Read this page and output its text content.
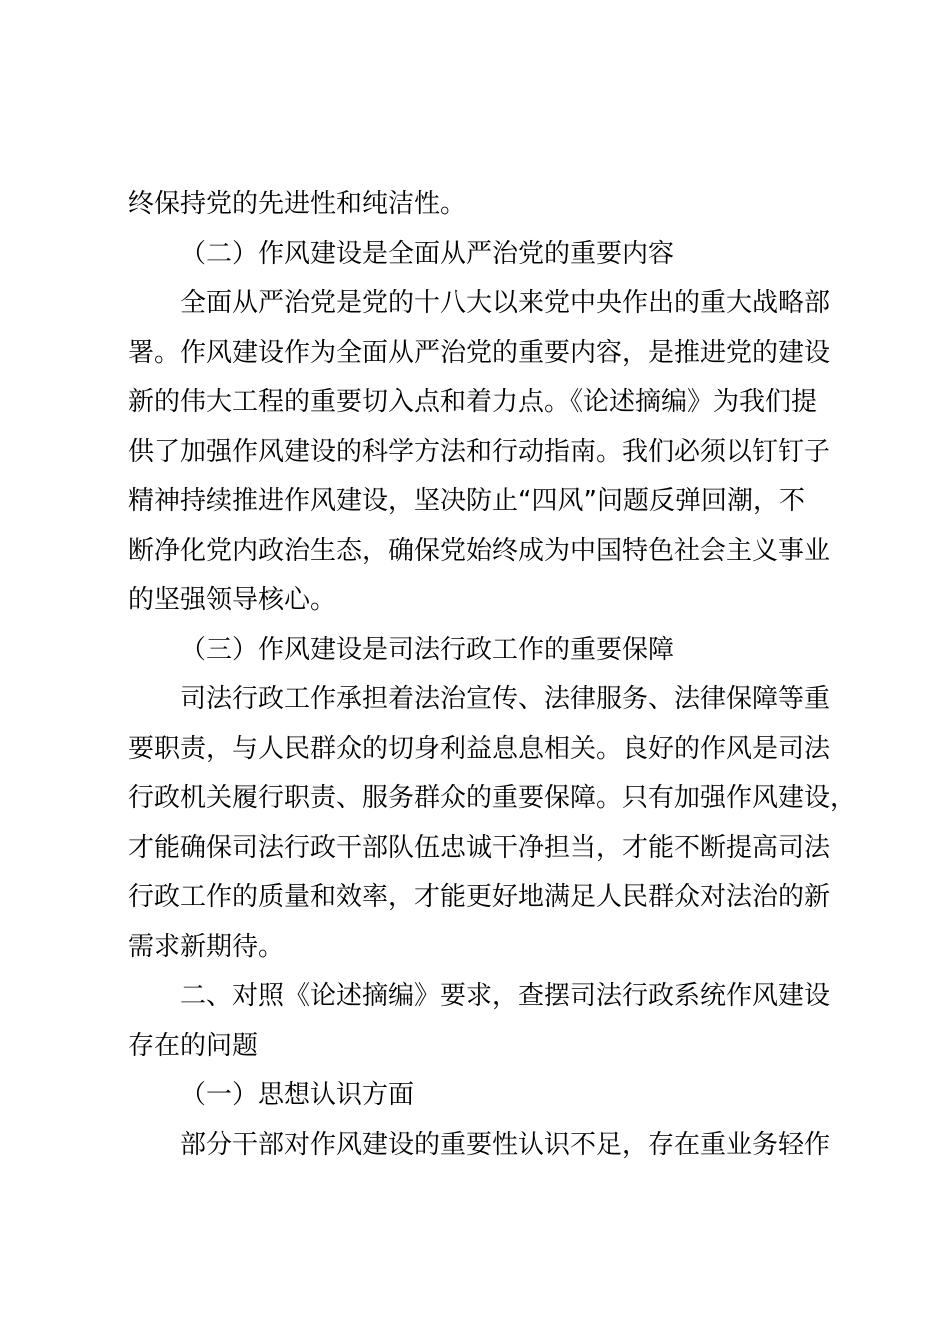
终保持党的先进性和纯洁性。
（二）作风建设是全面从严治党的重要内容
全面从严治党是党的十八大以来党中央作出的重大战略部
署。作风建设作为全面从严治党的重要内容，是推进党的建设
新的伟大工程的重要切入点和着力点。《论述摘编》为我们提
供了加强作风建设的科学方法和行动指南。我们必须以钉钉子
精神持续推进作风建设，坚决防止“四风”问题反弹回潮，不
断净化党内政治生态，确保党始终成为中国特色社会主义事业
的坚强领导核心。
（三）作风建设是司法行政工作的重要保障
司法行政工作承担着法治宣传、法律服务、法律保障等重
要职责，与人民群众的切身利益息息相关。良好的作风是司法
行政机关履行职责、服务群众的重要保障。只有加强作风建设，
才能确保司法行政干部队伍忠诚干净担当，才能不断提高司法
行政工作的质量和效率，才能更好地满足人民群众对法治的新
需求新期待。
二、对照《论述摘编》要求，查摆司法行政系统作风建设
存在的问题
（一）思想认识方面
部分干部对作风建设的重要性认识不足，存在重业务轻作
